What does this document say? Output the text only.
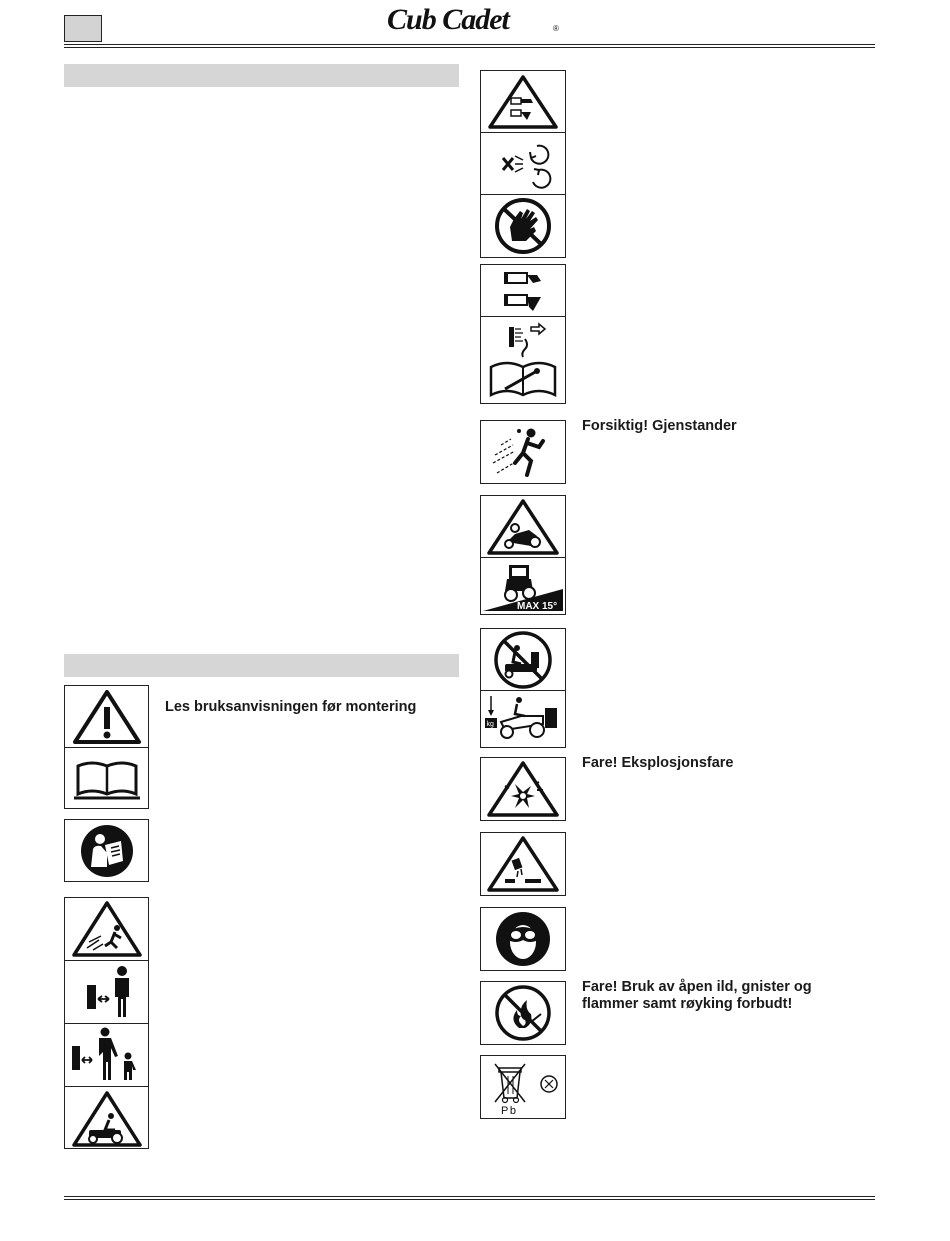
Cub Cadet	®
Les bruksanvisningen før montering
Forsiktig! Gjenstander
MAX 15°
kg
Fare! Eksplosjonsfare
Fare! Bruk av åpen ild, gnister og
flammer samt røyking forbudt!
Pb
